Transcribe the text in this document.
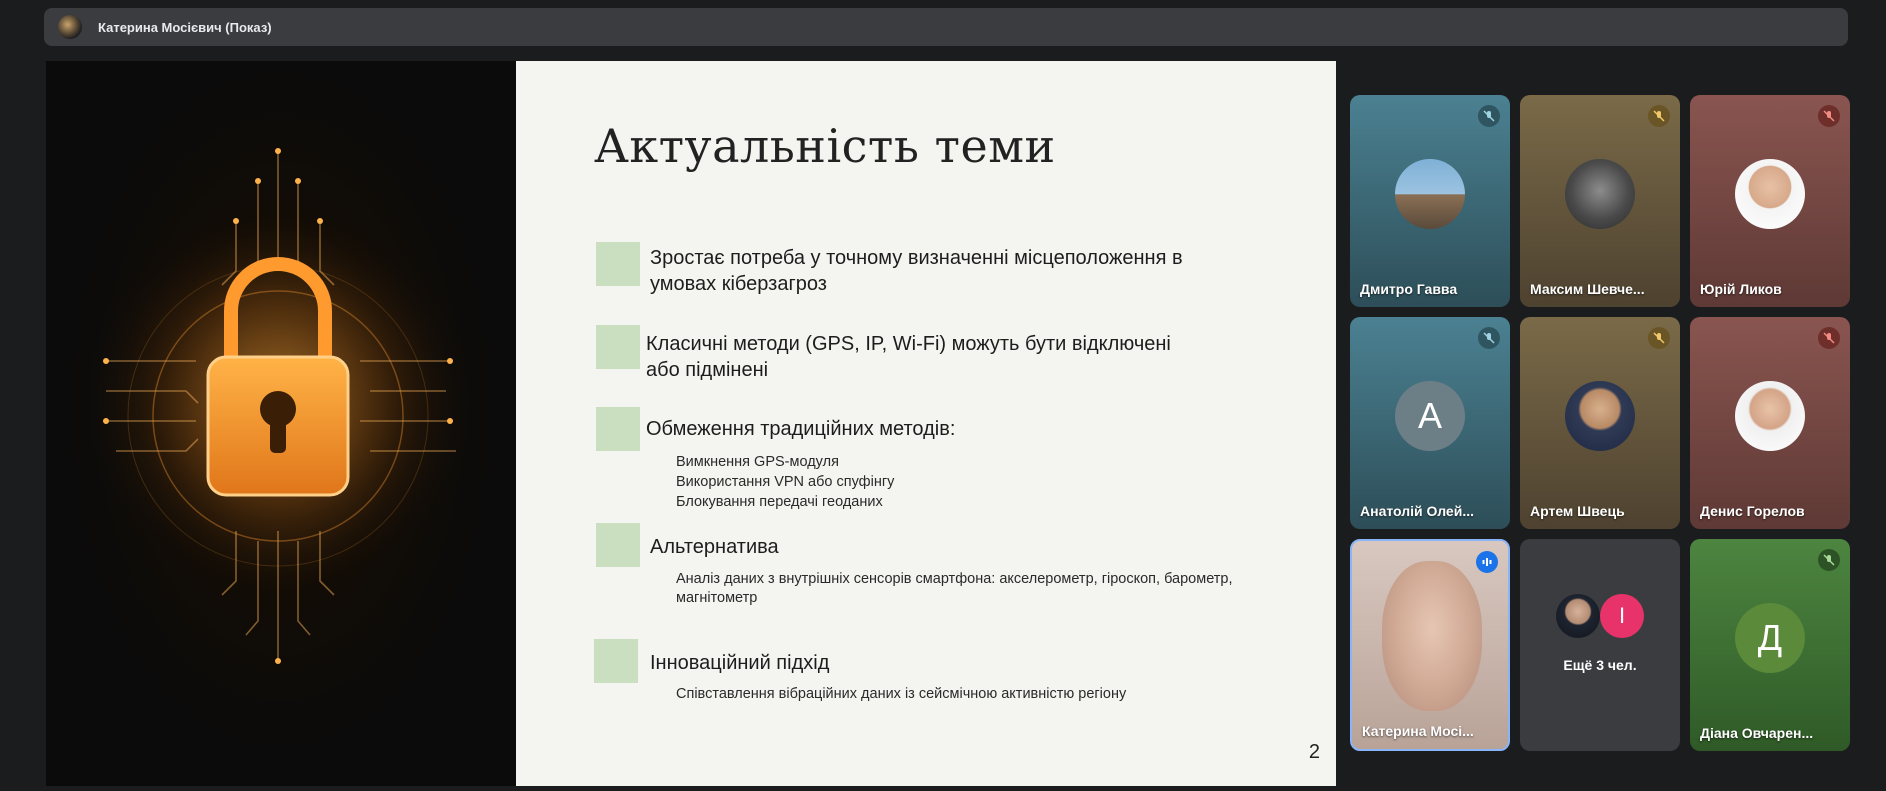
Катерина Мосієвич (Показ)
Актуальність теми
Зростає потреба у точному визначенні місцеположення в умовах кіберзагроз
Класичні методи (GPS, IP, Wi-Fi) можуть бути відключені або підмінені
Обмеження традиційних методів:
Вимкнення GPS-модуля
Використання VPN або спуфінгу
Блокування передачі геоданих
Альтернатива
Аналіз даних з внутрішніх сенсорів смартфона: акселерометр, гіроскоп, барометр, магнітометр
Інноваційний підхід
Співставлення вібраційних даних із сейсмічною активністю регіону
2
Дмитро Гавва	Максим Шевче...	Юрій Ликов
A
Анатолій Олей...	Артем Швець	Денис Горелов
Катерина Мосі...
І
Ещё 3 чел.
Д
Діана Овчарен...
